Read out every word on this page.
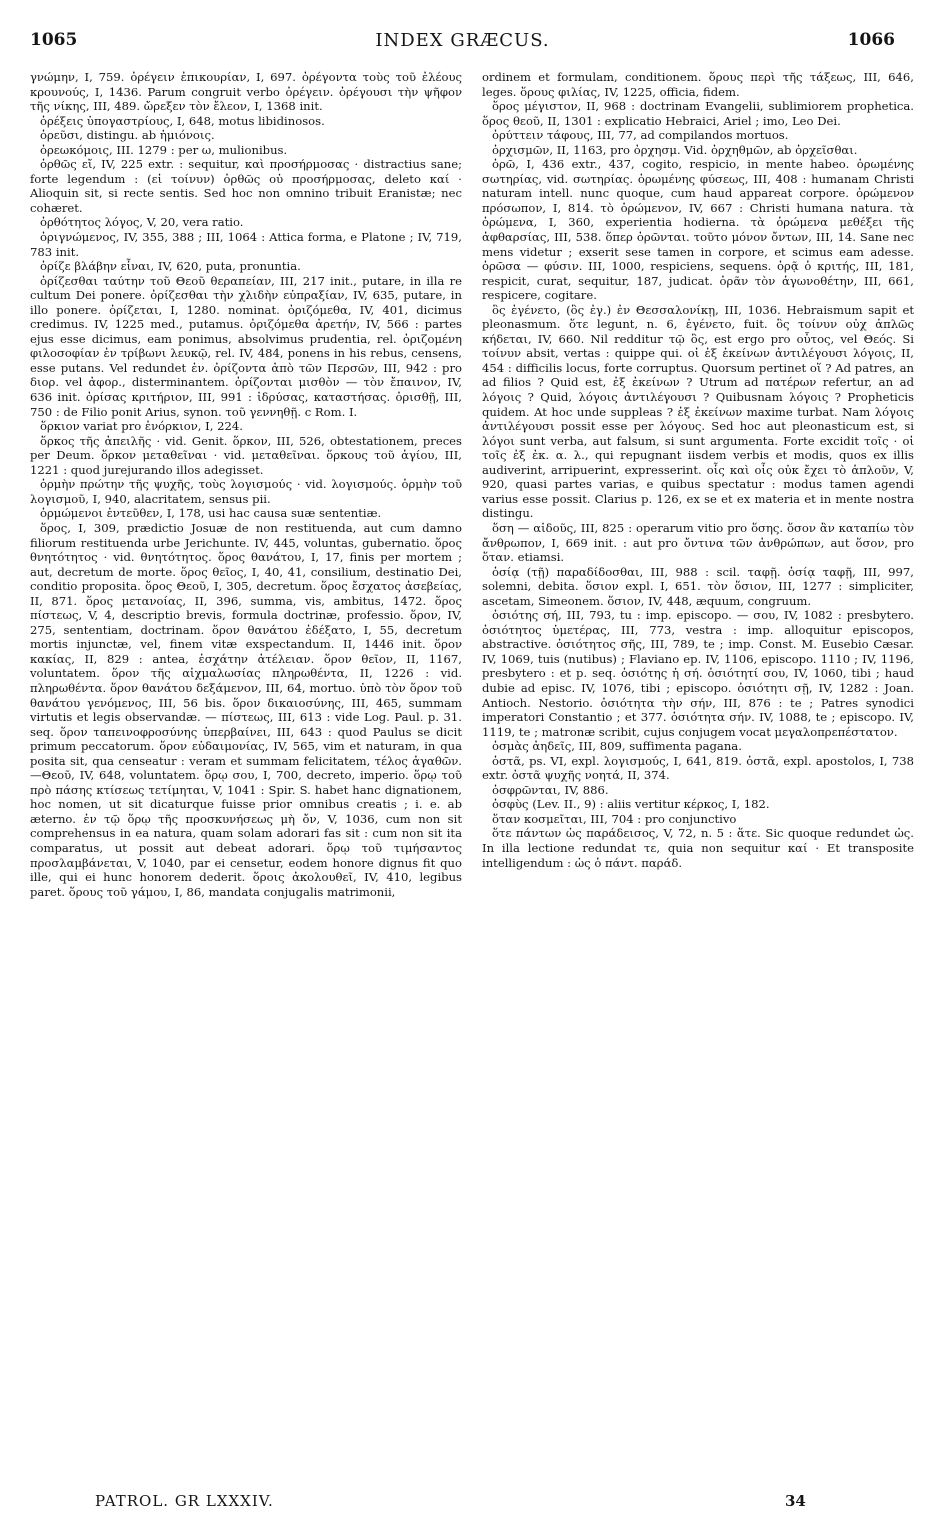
1065	INDEX GRÆCUS.	1066

γνώμην, I, 759. ὀρέγειν ἐπικουρίαν, I, 697. ὀρέγοντα τοὺς τοῦ ἐλέους κρουνούς, I, 1436. Parum congruit verbo ὀρέγειν. ὀρέγουσι τὴν ψῆφον τῆς νίκης, III, 489. ὤρεξεν τὸν ἔλεον, I, 1368 init.

ὀρέξεις ὑπογαστρίους, I, 648, motus libidinosos.

ὀρεῦσι, distingu. ab ἡμιόνοις.

ὀρεωκόμοις, III. 1279 : per ω, mulionibus.

ὀρθῶς εἴ, IV, 225 extr. : sequitur, καὶ προσήρμοσας · distractius sane; forte legendum : (εἰ τοίνυν) ὀρθῶς οὐ προσήρμοσας, deleto καί · Alioquin sit, si recte sentis. Sed hoc non omnino tribuit Eranistæ; nec cohæret.

ὀρθότητος λόγος, V, 20, vera ratio.

ὀριγνώμενος, IV, 355, 388 ; III, 1064 : Attica forma, e Platone ; IV, 719, 783 init.

ὀρίζε βλάβην εἶναι, IV, 620, puta, pronuntia.

ὀρίζεσθαι ταύτην τοῦ Θεοῦ θεραπείαν, III, 217 init., putare, in illa re cultum Dei ponere. ὀρίζεσθαι τὴν χλιδὴν εὐπραξίαν, IV, 635, putare, in illo ponere. ὀρίζεται, I, 1280. nominat. ὀριζόμεθα, IV, 401, dicimus credimus. IV, 1225 med., putamus. ὀριζόμεθα ἀρετήν, IV, 566 : partes ejus esse dicimus, eam ponimus, absolvimus prudentia, rel. ὀριζομένη φιλοσοφίαν ἐν τρίβωνι λευκῷ, rel. IV, 484, ponens in his rebus, censens, esse putans. Vel redundet ἐν. ὀρίζοντα ἀπὸ τῶν Περσῶν, III, 942 : pro διορ. vel ἀφορ., disterminantem. ὀρίζονται μισθὸν — τὸν ἔπαινον, IV, 636 init. ὀρίσας κριτήριον, III, 991 : ἱδρύσας, καταστήσας. ὀρισθῇ, III, 750 : de Filio ponit Arius, synon. τοῦ γεννηθῇ. c Rom. I.

ὅρκιον variat pro ἐνόρκιον, I, 224.

ὅρκος τῆς ἀπειλῆς · vid. Genit. ὅρκον, III, 526, obtestationem, preces per Deum. ὅρκον μεταθεῖναι · vid. μεταθεῖναι. ὅρκους τοῦ ἁγίου, III, 1221 : quod jurejurando illos adegisset.

ὁρμὴν πρώτην τῆς ψυχῆς, τοὺς λογισμούς · vid. λογισμούς. ὁρμὴν τοῦ λογισμοῦ, I, 940, alacritatem, sensus pii.

ὁρμώμενοι ἐντεῦθεν, I, 178, usi hac causa suæ sententiæ.

ὅρος, I, 309, prædictio Josuæ de non restituenda, aut cum damno filiorum restituenda urbe Jerichunte. IV, 445, voluntas, gubernatio. ὅρος θνητότητος · vid. θνητότητος. ὅρος θανάτου, I, 17, finis per mortem ; aut, decretum de morte. ὅρος θεῖος, I, 40, 41, consilium, destinatio Dei, conditio proposita. ὅρος Θεοῦ, I, 305, decretum. ὅρος ἔσχατος ἀσεβείας, II, 871. ὅρος μετανοίας, II, 396, summa, vis, ambitus, 1472. ὅρος πίστεως, V, 4, descriptio brevis, formula doctrinæ, professio. ὅρον, IV, 275, sententiam, doctrinam. ὅρον θανάτου ἐδέξατο, I, 55, decretum mortis injunctæ, vel, finem vitæ exspectandum. II, 1446 init. ὅρον κακίας, II, 829 : antea, ἐσχάτην ἀτέλειαν. ὅρον θεῖον, II, 1167, voluntatem. ὅρον τῆς αἰχμαλωσίας πληρωθέντα, II, 1226 : vid. πληρωθέντα. ὅρον θανάτου δεξάμενον, III, 64, mortuo. ὑπὸ τὸν ὅρον τοῦ θανάτου γενόμενος, III, 56 bis. ὅρον δικαιοσύνης, III, 465, summam virtutis et legis observandæ. — πίστεως, III, 613 : vide Log. Paul. p. 31. seq. ὅρον ταπεινοφροσύνης ὑπερβαίνει, III, 643 : quod Paulus se dicit primum peccatorum. ὅρον εὐδαιμονίας, IV, 565, vim et naturam, in qua posita sit, qua censeatur : veram et summam felicitatem, τέλος ἀγαθῶν.—Θεοῦ, IV, 648, voluntatem. ὅρῳ σου, I, 700, decreto, imperio. ὅρῳ τοῦ πρὸ πάσης κτίσεως τετίμηται, V, 1041 : Spir. S. habet hanc dignationem, hoc nomen, ut sit dicaturque fuisse prior omnibus creatis ; i. e. ab æterno. ἐν τῷ ὅρῳ τῆς προσκυνήσεως μὴ ὄν, V, 1036, cum non sit comprehensus in ea natura, quam solam adorari fas sit : cum non sit ita comparatus, ut possit aut debeat adorari. ὅρῳ τοῦ τιμήσαντος προσλαμβάνεται, V, 1040, par ei censetur, eodem honore dignus fit quo ille, qui ei hunc honorem dederit. ὅροις ἀκολουθεῖ, IV, 410, legibus paret. ὅρους τοῦ γάμου, I, 86, mandata conjugalis matrimonii,

ordinem et formulam, conditionem. ὅρους περὶ τῆς τάξεως, III, 646, leges. ὅρους φιλίας, IV, 1225, officia, fidem.

ὅρος μέγιστον, II, 968 : doctrinam Evangelii, sublimiorem prophetica. ὅρος θεοῦ, II, 1301 : explicatio Hebraici, Ariel ; imo, Leo Dei.

ὀρύττειν τάφους, III, 77, ad compilandos mortuos.

ὀρχισμῶν, II, 1163, pro ὀρχησμ. Vid. ὀρχηθμῶν, ab ὀρχεῖσθαι.

ὁρῶ, I, 436 extr., 437, cogito, respicio, in mente habeo. ὁρωμένης σωτηρίας, vid. σωτηρίας. ὁρωμένης φύσεως, III, 408 : humanam Christi naturam intell. nunc quoque, cum haud appareat corpore. ὁρώμενον πρόσωπον, I, 814. τὸ ὁρώμενον, IV, 667 : Christi humana natura. τὰ ὁρώμενα, I, 360, experientia hodierna. τὰ ὁρώμενα μεθέξει τῆς ἀφθαρσίας, III, 538. ὅπερ ὁρῶνται. τοῦτο μόνον ὄντων, III, 14. Sane nec mens videtur ; exserit sese tamen in corpore, et scimus eam adesse. ὁρῶσα — φύσιν. III, 1000, respiciens, sequens. ὁρᾷ ὁ κριτής, III, 181, respicit, curat, sequitur, 187, judicat. ὁρᾶν τὸν ἀγωνοθέτην, III, 661, respicere, cogitare.

ὃς ἐγένετο, (ὃς ἐγ.) ἐν Θεσσαλονίκῃ, III, 1036. Hebraismum sapit et pleonasmum. ὅτε legunt, n. 6, ἐγένετο, fuit. ὃς τοίνυν οὐχ ἁπλῶς κήδεται, IV, 660. Nil redditur τῷ ὃς, est ergo pro οὗτος, vel Θεός. Si τοίνυν absit, vertas : quippe qui. οἱ ἐξ ἐκείνων ἀντιλέγουσι λόγοις, II, 454 : difficilis locus, forte corruptus. Quorsum pertinet οἵ ? Ad patres, an ad filios ? Quid est, ἐξ ἐκείνων ? Utrum ad πατέρων refertur, an ad λόγοις ? Quid, λόγοις ἀντιλέγουσι ? Quibusnam λόγοις ? Propheticis quidem. At hoc unde suppleas ? ἐξ ἐκείνων maxime turbat. Nam λόγοις ἀντιλέγουσι possit esse per λόγους. Sed hoc aut pleonasticum est, si λόγοι sunt verba, aut falsum, si sunt argumenta. Forte excidit τοῖς · οἱ τοῖς ἐξ ἐκ. α. λ., qui repugnant iisdem verbis et modis, quos ex illis audiverint, arripuerint, expresserint. οἷς καὶ οἷς οὐκ ἔχει τὸ ἁπλοῦν, V, 920, quasi partes varias, e quibus spectatur : modus tamen agendi varius esse possit. Clarius p. 126, ex se et ex materia et in mente nostra distingu.

ὅση — αἰδοῦς, III, 825 : operarum vitio pro ὅσης. ὅσον ἂν καταπίω τὸν ἄνθρωπον, I, 669 init. : aut pro ὄντινα τῶν ἀνθρώπων, aut ὅσον, pro ὅταν. etiamsi.

ὁσίᾳ (τῇ) παραδίδοσθαι, III, 988 : scil. ταφῇ. ὁσίᾳ ταφῇ, III, 997, solemni, debita. ὅσιον expl. I, 651. τὸν ὅσιον, III, 1277 : simpliciter, ascetam, Simeonem. ὅσιον, IV, 448, æquum, congruum.

ὁσιότης σή, III, 793, tu : imp. episcopo. — σου, IV, 1082 : presbytero. ὁσιότητος ὑμετέρας, III, 773, vestra : imp. alloquitur episcopos, abstractive. ὁσιότητος σῆς, III, 789, te ; imp. Const. M. Eusebio Cæsar. IV, 1069, tuis (nutibus) ; Flaviano ep. IV, 1106, episcopo. 1110 ; IV, 1196, presbytero : et p. seq. ὁσιότης ἡ σή. ὁσιότητί σου, IV, 1060, tibi ; haud dubie ad episc. IV, 1076, tibi ; episcopo. ὁσιότητι σῇ, IV, 1282 : Joan. Antioch. Nestorio. ὁσιότητα τὴν σήν, III, 876 : te ; Patres synodici imperatori Constantio ; et 377. ὁσιότητα σήν. IV, 1088, te ; episcopo. IV, 1119, te ; matronæ scribit, cujus conjugem vocat μεγαλοπρεπέστατον.

ὀσμὰς ἀηδεῖς, III, 809, suffimenta pagana.

ὀστᾶ, ps. VI, expl. λογισμούς, I, 641, 819. ὀστᾶ, expl. apostolos, I, 738 extr. ὀστᾶ ψυχῆς νοητά, II, 374.

ὀσφρῶνται, IV, 886.

ὀσφὺς (Lev. II., 9) : aliis vertitur κέρκος, I, 182.

ὅταν κοσμεῖται, III, 704 : pro conjunctivo

ὅτε πάντων ὡς παράδεισος, V, 72, n. 5 : ἅτε. Sic quoque redundet ὡς. In illa lectione redundat τε, quia non sequitur καί · Et transposite intelligendum : ὡς ὁ πάντ. παράδ.

PATROL. GR LXXXIV.	34
